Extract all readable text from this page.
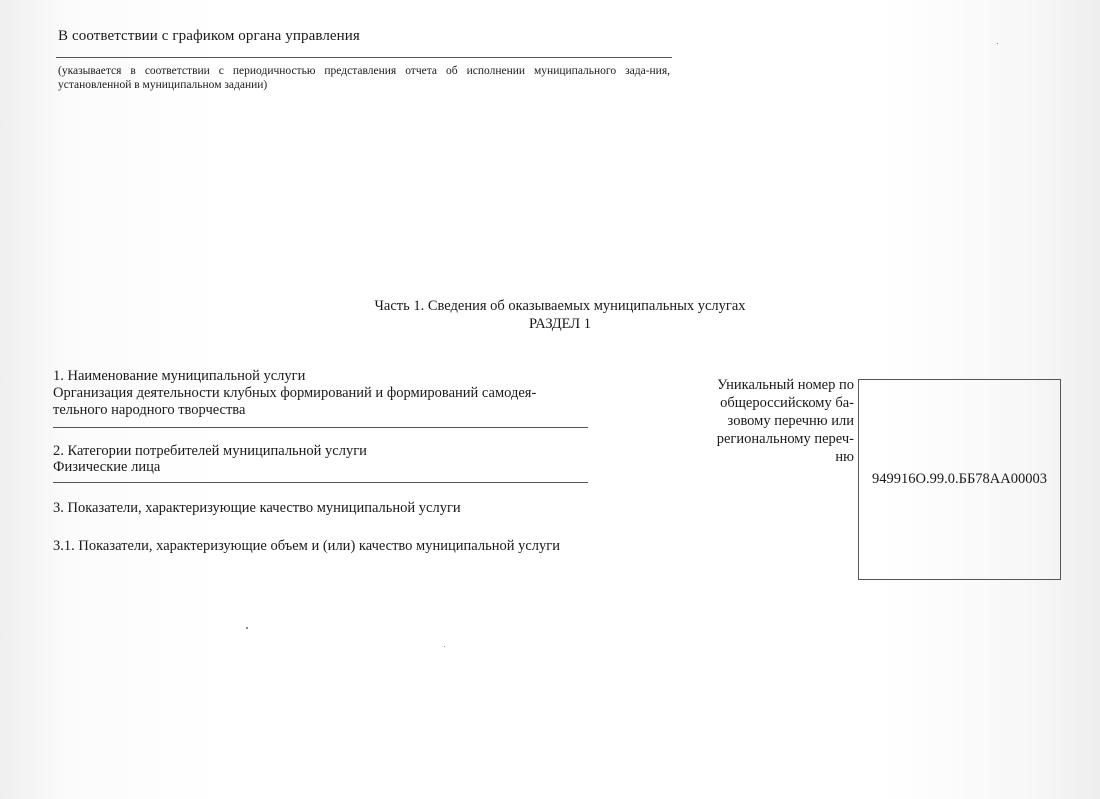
В соответствии с графиком органа управления
(указывается в соответствии с периодичностью представления отчета об исполнении муниципального зада-ния, установленной в муниципальном задании)
Часть 1. Сведения об оказываемых муниципальных услугах
РАЗДЕЛ 1
1. Наименование муниципальной услуги
Организация деятельности клубных формирований и формирований самодея-тельного народного творчества
2. Категории потребителей муниципальной услуги
Физические лица
3. Показатели, характеризующие качество муниципальной услуги
3.1. Показатели, характеризующие объем и (или) качество муниципальной услуги
Уникальный номер по общероссийскому ба-зовому перечню или региональному переч-ню
949916О.99.0.ББ78АА00003
